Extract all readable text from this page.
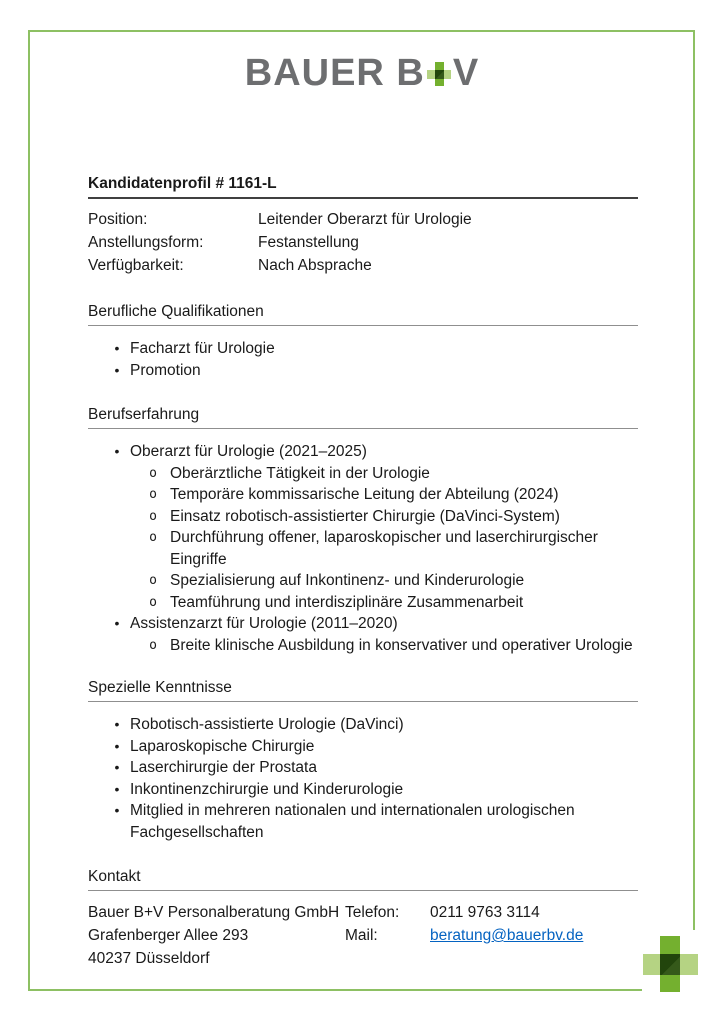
BAUER B V
Kandidatenprofil # 1161-L
Position:	Leitender Oberarzt für Urologie
Anstellungsform:	Festanstellung
Verfügbarkeit:	Nach Absprache
Berufliche Qualifikationen
• Facharzt für Urologie
• Promotion
Berufserfahrung
• Oberarzt für Urologie (2021–2025)
o Oberärztliche Tätigkeit in der Urologie
o Temporäre kommissarische Leitung der Abteilung (2024)
o Einsatz robotisch-assistierter Chirurgie (DaVinci-System)
o Durchführung offener, laparoskopischer und laserchirurgischer Eingriffe
o Spezialisierung auf Inkontinenz- und Kinderurologie
o Teamführung und interdisziplinäre Zusammenarbeit
• Assistenzarzt für Urologie (2011–2020)
o Breite klinische Ausbildung in konservativer und operativer Urologie
Spezielle Kenntnisse
• Robotisch-assistierte Urologie (DaVinci)
• Laparoskopische Chirurgie
• Laserchirurgie der Prostata
• Inkontinenzchirurgie und Kinderurologie
• Mitglied in mehreren nationalen und internationalen urologischen Fachgesellschaften
Kontakt
Bauer B+V Personalberatung GmbH Telefon:	0211 9763 3114
Grafenberger Allee 293	Mail:	beratung@bauerbv.de
40237 Düsseldorf
